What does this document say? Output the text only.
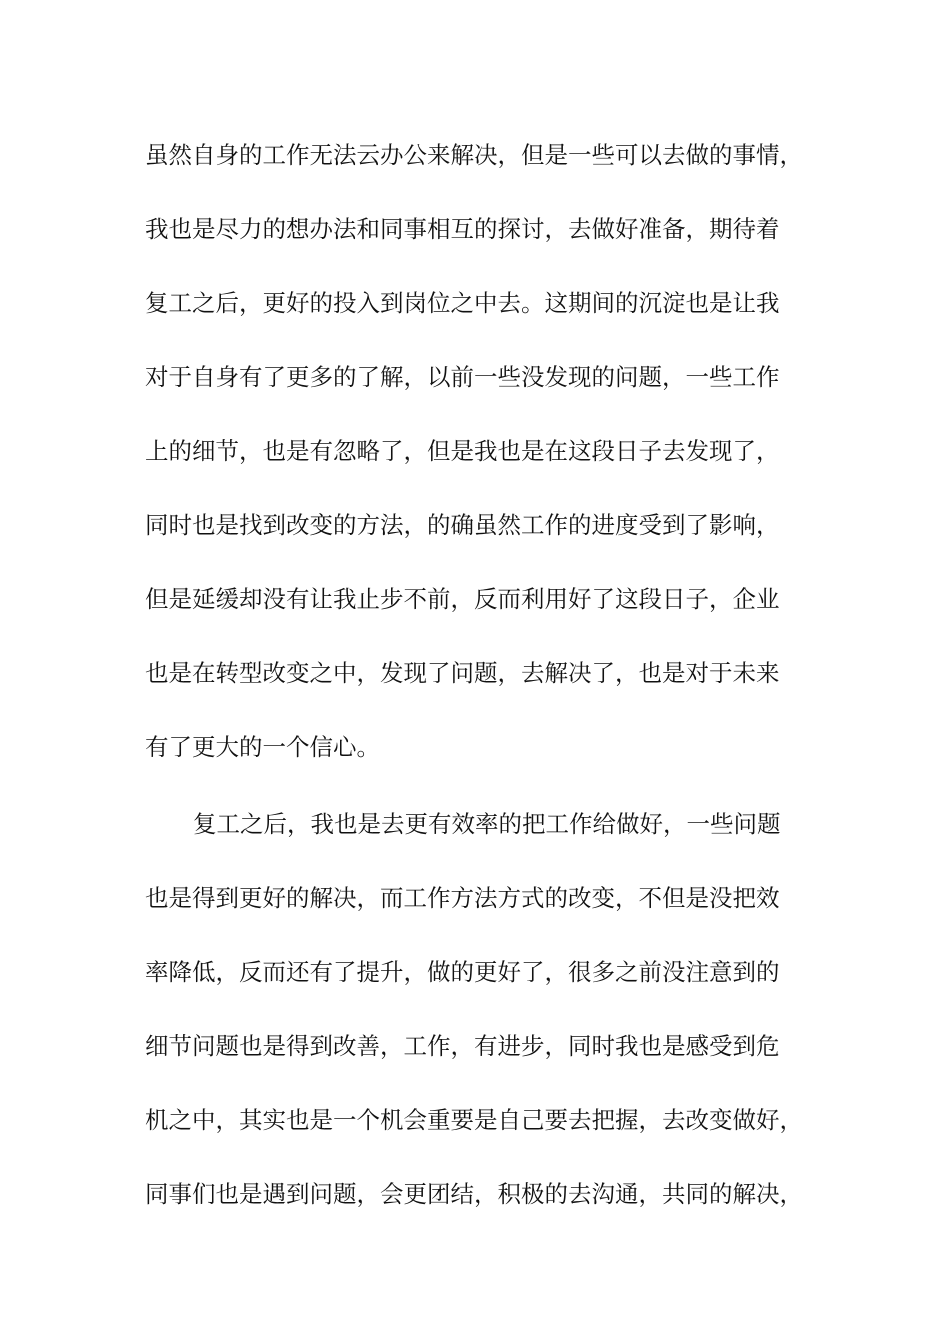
虽然自身的工作无法云办公来解决，但是一些可以去做的事情，
我也是尽力的想办法和同事相互的探讨，去做好准备，期待着
复工之后，更好的投入到岗位之中去。这期间的沉淀也是让我
对于自身有了更多的了解，以前一些没发现的问题，一些工作
上的细节，也是有忽略了，但是我也是在这段日子去发现了，
同时也是找到改变的方法，的确虽然工作的进度受到了影响，
但是延缓却没有让我止步不前，反而利用好了这段日子，企业
也是在转型改变之中，发现了问题，去解决了，也是对于未来
有了更大的一个信心。
复工之后，我也是去更有效率的把工作给做好，一些问题
也是得到更好的解决，而工作方法方式的改变，不但是没把效
率降低，反而还有了提升，做的更好了，很多之前没注意到的
细节问题也是得到改善，工作，有进步，同时我也是感受到危
机之中，其实也是一个机会重要是自己要去把握，去改变做好，
同事们也是遇到问题，会更团结，积极的去沟通，共同的解决，
